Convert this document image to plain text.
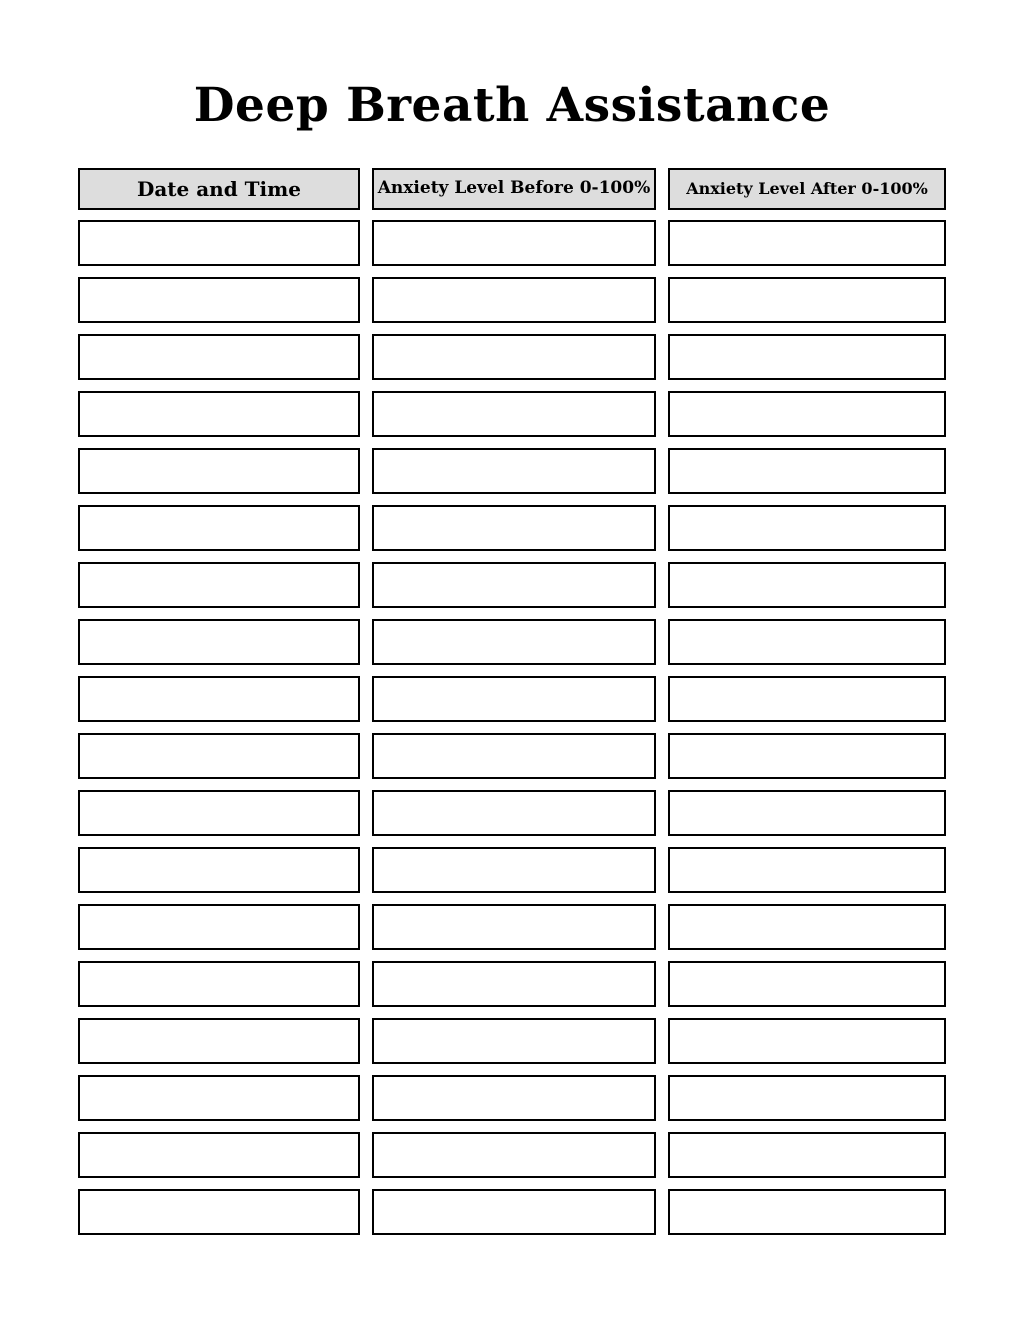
Deep Breath Assistance
Date and Time	Anxiety Level Before 0-100% Anxiety Level After 0-100%
